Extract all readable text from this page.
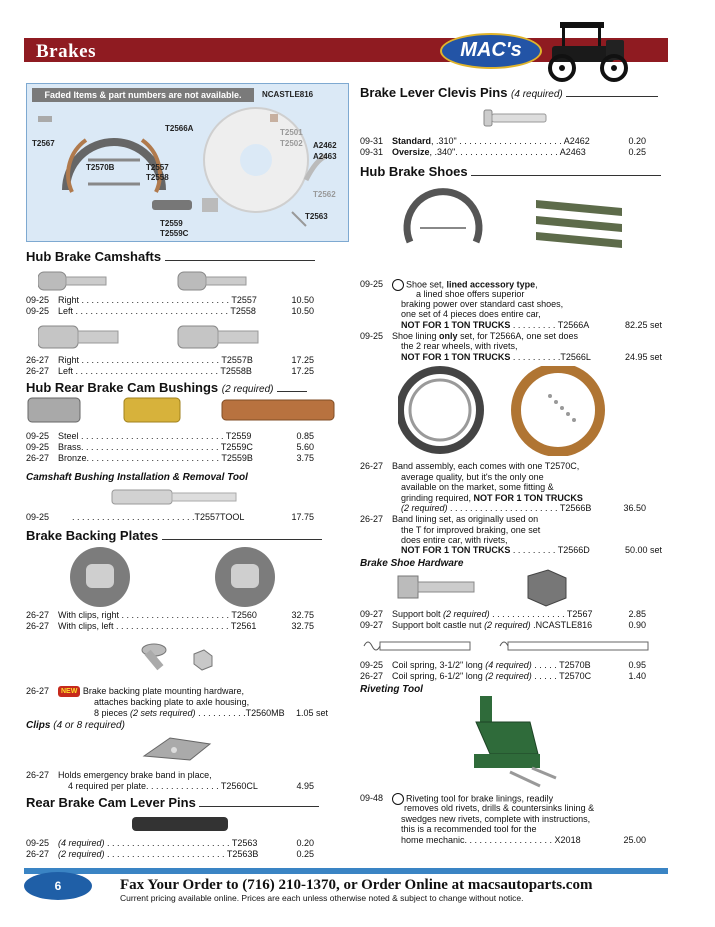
Brakes	MAC's
Faded Items & part numbers are not available.	NCASTLE816
T2567
T2566A
T2570B	T2557
T2558
T2559
T2559C
T2501
T2502 A2462
A2463
T2562
T2563
Hub Brake Camshafts
09-25 Right . . . . . . . . . . . . . . . . . . . . . . . . . . . . . . T2557	10.50
09-25 Left . . . . . . . . . . . . . . . . . . . . . . . . . . . . . . . T2558	10.50
26-27 Right . . . . . . . . . . . . . . . . . . . . . . . . . . . . T2557B	17.25
26-27 Left . . . . . . . . . . . . . . . . . . . . . . . . . . . . . T2558B	17.25
Hub Rear Brake Cam Bushings (2 required)
09-25 Steel . . . . . . . . . . . . . . . . . . . . . . . . . . . . . T2559	0.85
09-25 Brass. . . . . . . . . . . . . . . . . . . . . . . . . . . . T2559C	5.60
26-27 Bronze. . . . . . . . . . . . . . . . . . . . . . . . . . . T2559B	3.75
Camshaft Bushing Installation & Removal Tool
09-25	. . . . . . . . . . . . . . . . . . . . . . . . .T2557TOOL	17.75
Brake Backing Plates
26-27 With clips, right . . . . . . . . . . . . . . . . . . . . . . T2560	32.75
26-27 With clips, left . . . . . . . . . . . . . . . . . . . . . . . T2561	32.75
26-27 NEW Brake backing plate mounting hardware,
attaches backing plate to axle housing,
8 pieces (2 sets required) . . . . . . . . . .T2560MB	1.05 set
Clips (4 or 8 required)
26-27 Holds emergency brake band in place,
4 required per plate. . . . . . . . . . . . . . . T2560CL	4.95
Rear Brake Cam Lever Pins
09-25 (4 required) . . . . . . . . . . . . . . . . . . . . . . . . . T2563	0.20
26-27 (2 required) . . . . . . . . . . . . . . . . . . . . . . . . T2563B	0.25
Brake Lever Clevis Pins (4 required)
09-31 Standard, .310" . . . . . . . . . . . . . . . . . . . . . A2462	0.20
09-31 Oversize, .340". . . . . . . . . . . . . . . . . . . . . A2463	0.25
Hub Brake Shoes
09-25	Shoe set, lined accessory type,
a lined shoe offers superior
braking power over standard cast shoes,
one set of 4 pieces does entire car,
NOT FOR 1 TON TRUCKS . . . . . . . . . T2566A	82.25 set
09-25 Shoe lining only set, for T2566A, one set does
the 2 rear wheels, with rivets,
NOT FOR 1 TON TRUCKS . . . . . . . . . .T2566L	24.95 set
26-27 Band assembly, each comes with one T2570C,
average quality, but it's the only one
available on the market, some fitting &
grinding required, NOT FOR 1 TON TRUCKS
(2 required) . . . . . . . . . . . . . . . . . . . . . . T2566B	36.50
26-27 Band lining set, as originally used on
the T for improved braking, one set
does entire car, with rivets,
NOT FOR 1 TON TRUCKS . . . . . . . . . T2566D	50.00 set
Brake Shoe Hardware
09-27 Support bolt (2 required) . . . . . . . . . . . . . . . T2567	2.85
09-27 Support bolt castle nut (2 required) .NCASTLE816	0.90
09-25 Coil spring, 3-1/2" long (4 required) . . . . . T2570B	0.95
26-27 Coil spring, 6-1/2" long (2 required) . . . . . T2570C	1.40
Riveting Tool
09-48	Riveting tool for brake linings, readily
removes old rivets, drills & countersinks lining &
swedges new rivets, complete with instructions,
this is a recommended tool for the
home mechanic. . . . . . . . . . . . . . . . . . X2018	25.00
6	Fax Your Order to (716) 210-1370, or Order Online at macsautoparts.com
Current pricing available online. Prices are each unless otherwise noted & subject to change without notice.
